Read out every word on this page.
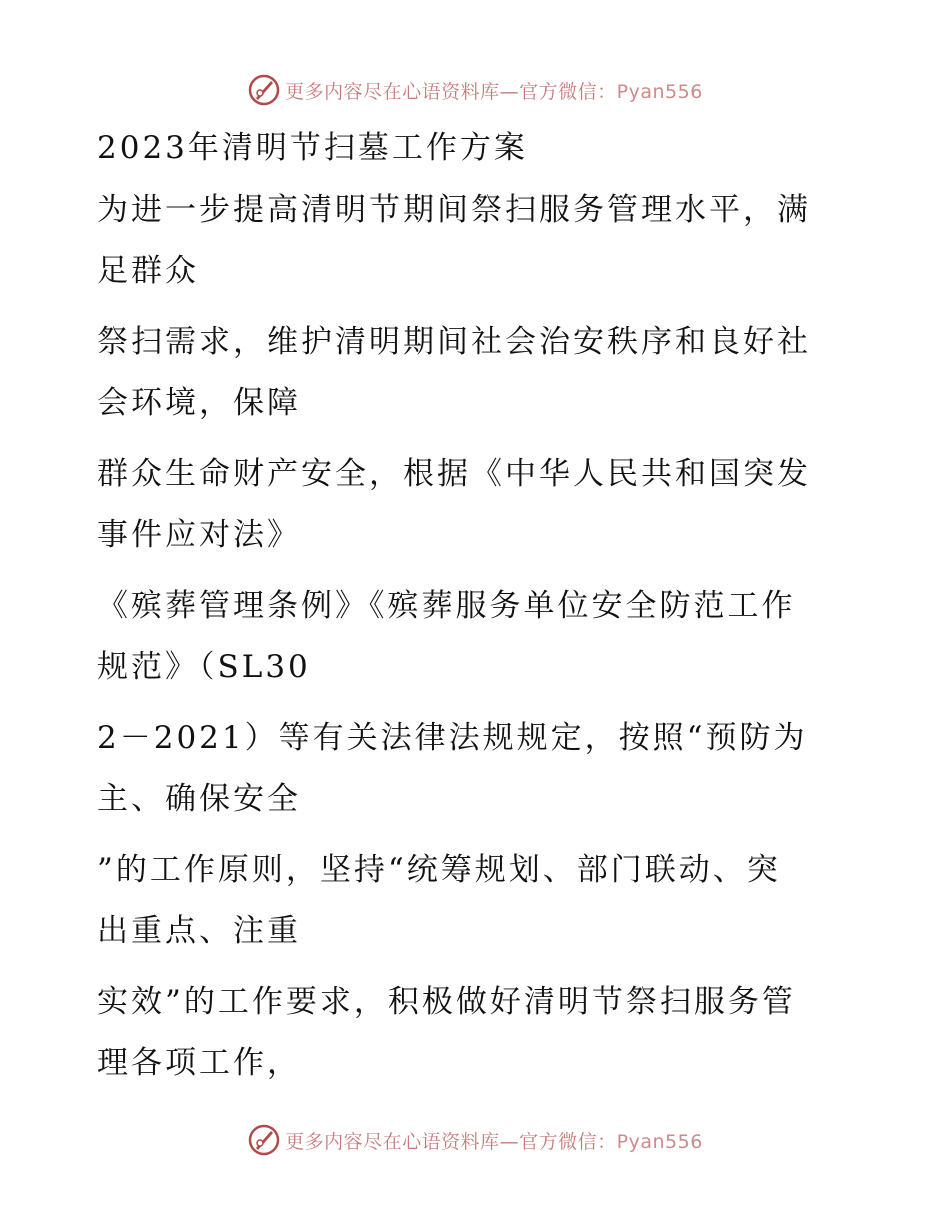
更多内容尽在心语资料库—官方微信：Pyan556
2023年清明节扫墓工作方案
为进一步提高清明节期间祭扫服务管理水平，满
足群众
祭扫需求，维护清明期间社会治安秩序和良好社
会环境，保障
群众生命财产安全，根据《中华人民共和国突发
事件应对法》
《殡葬管理条例》《殡葬服务单位安全防范工作
规范》（SL30
2－2021）等有关法律法规规定，按照“预防为
主、确保安全
”的工作原则，坚持“统筹规划、部门联动、突
出重点、注重
实效”的工作要求，积极做好清明节祭扫服务管
理各项工作，
更多内容尽在心语资料库—官方微信：Pyan556
